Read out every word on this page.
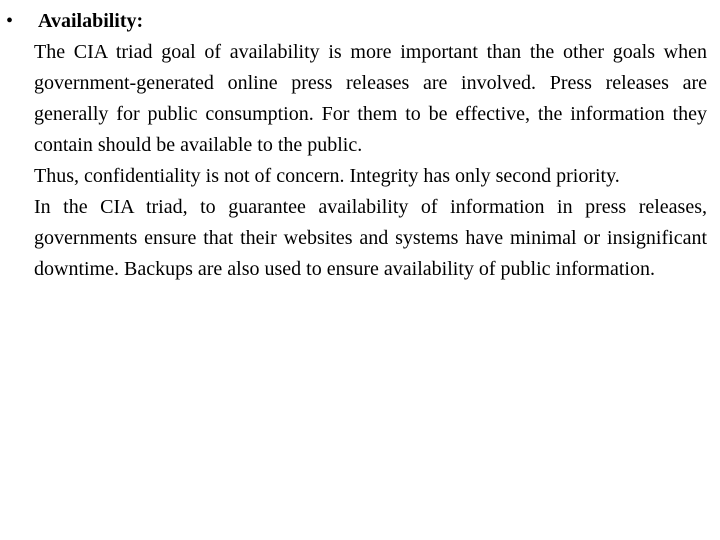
• Availability:

The CIA triad goal of availability is more important than the other goals when government-generated online press releases are involved. Press releases are generally for public consumption. For them to be effective, the information they contain should be available to the public.

Thus, confidentiality is not of concern. Integrity has only second priority.

In the CIA triad, to guarantee availability of information in press releases, governments ensure that their websites and systems have minimal or insignificant downtime. Backups are also used to ensure availability of public information.
